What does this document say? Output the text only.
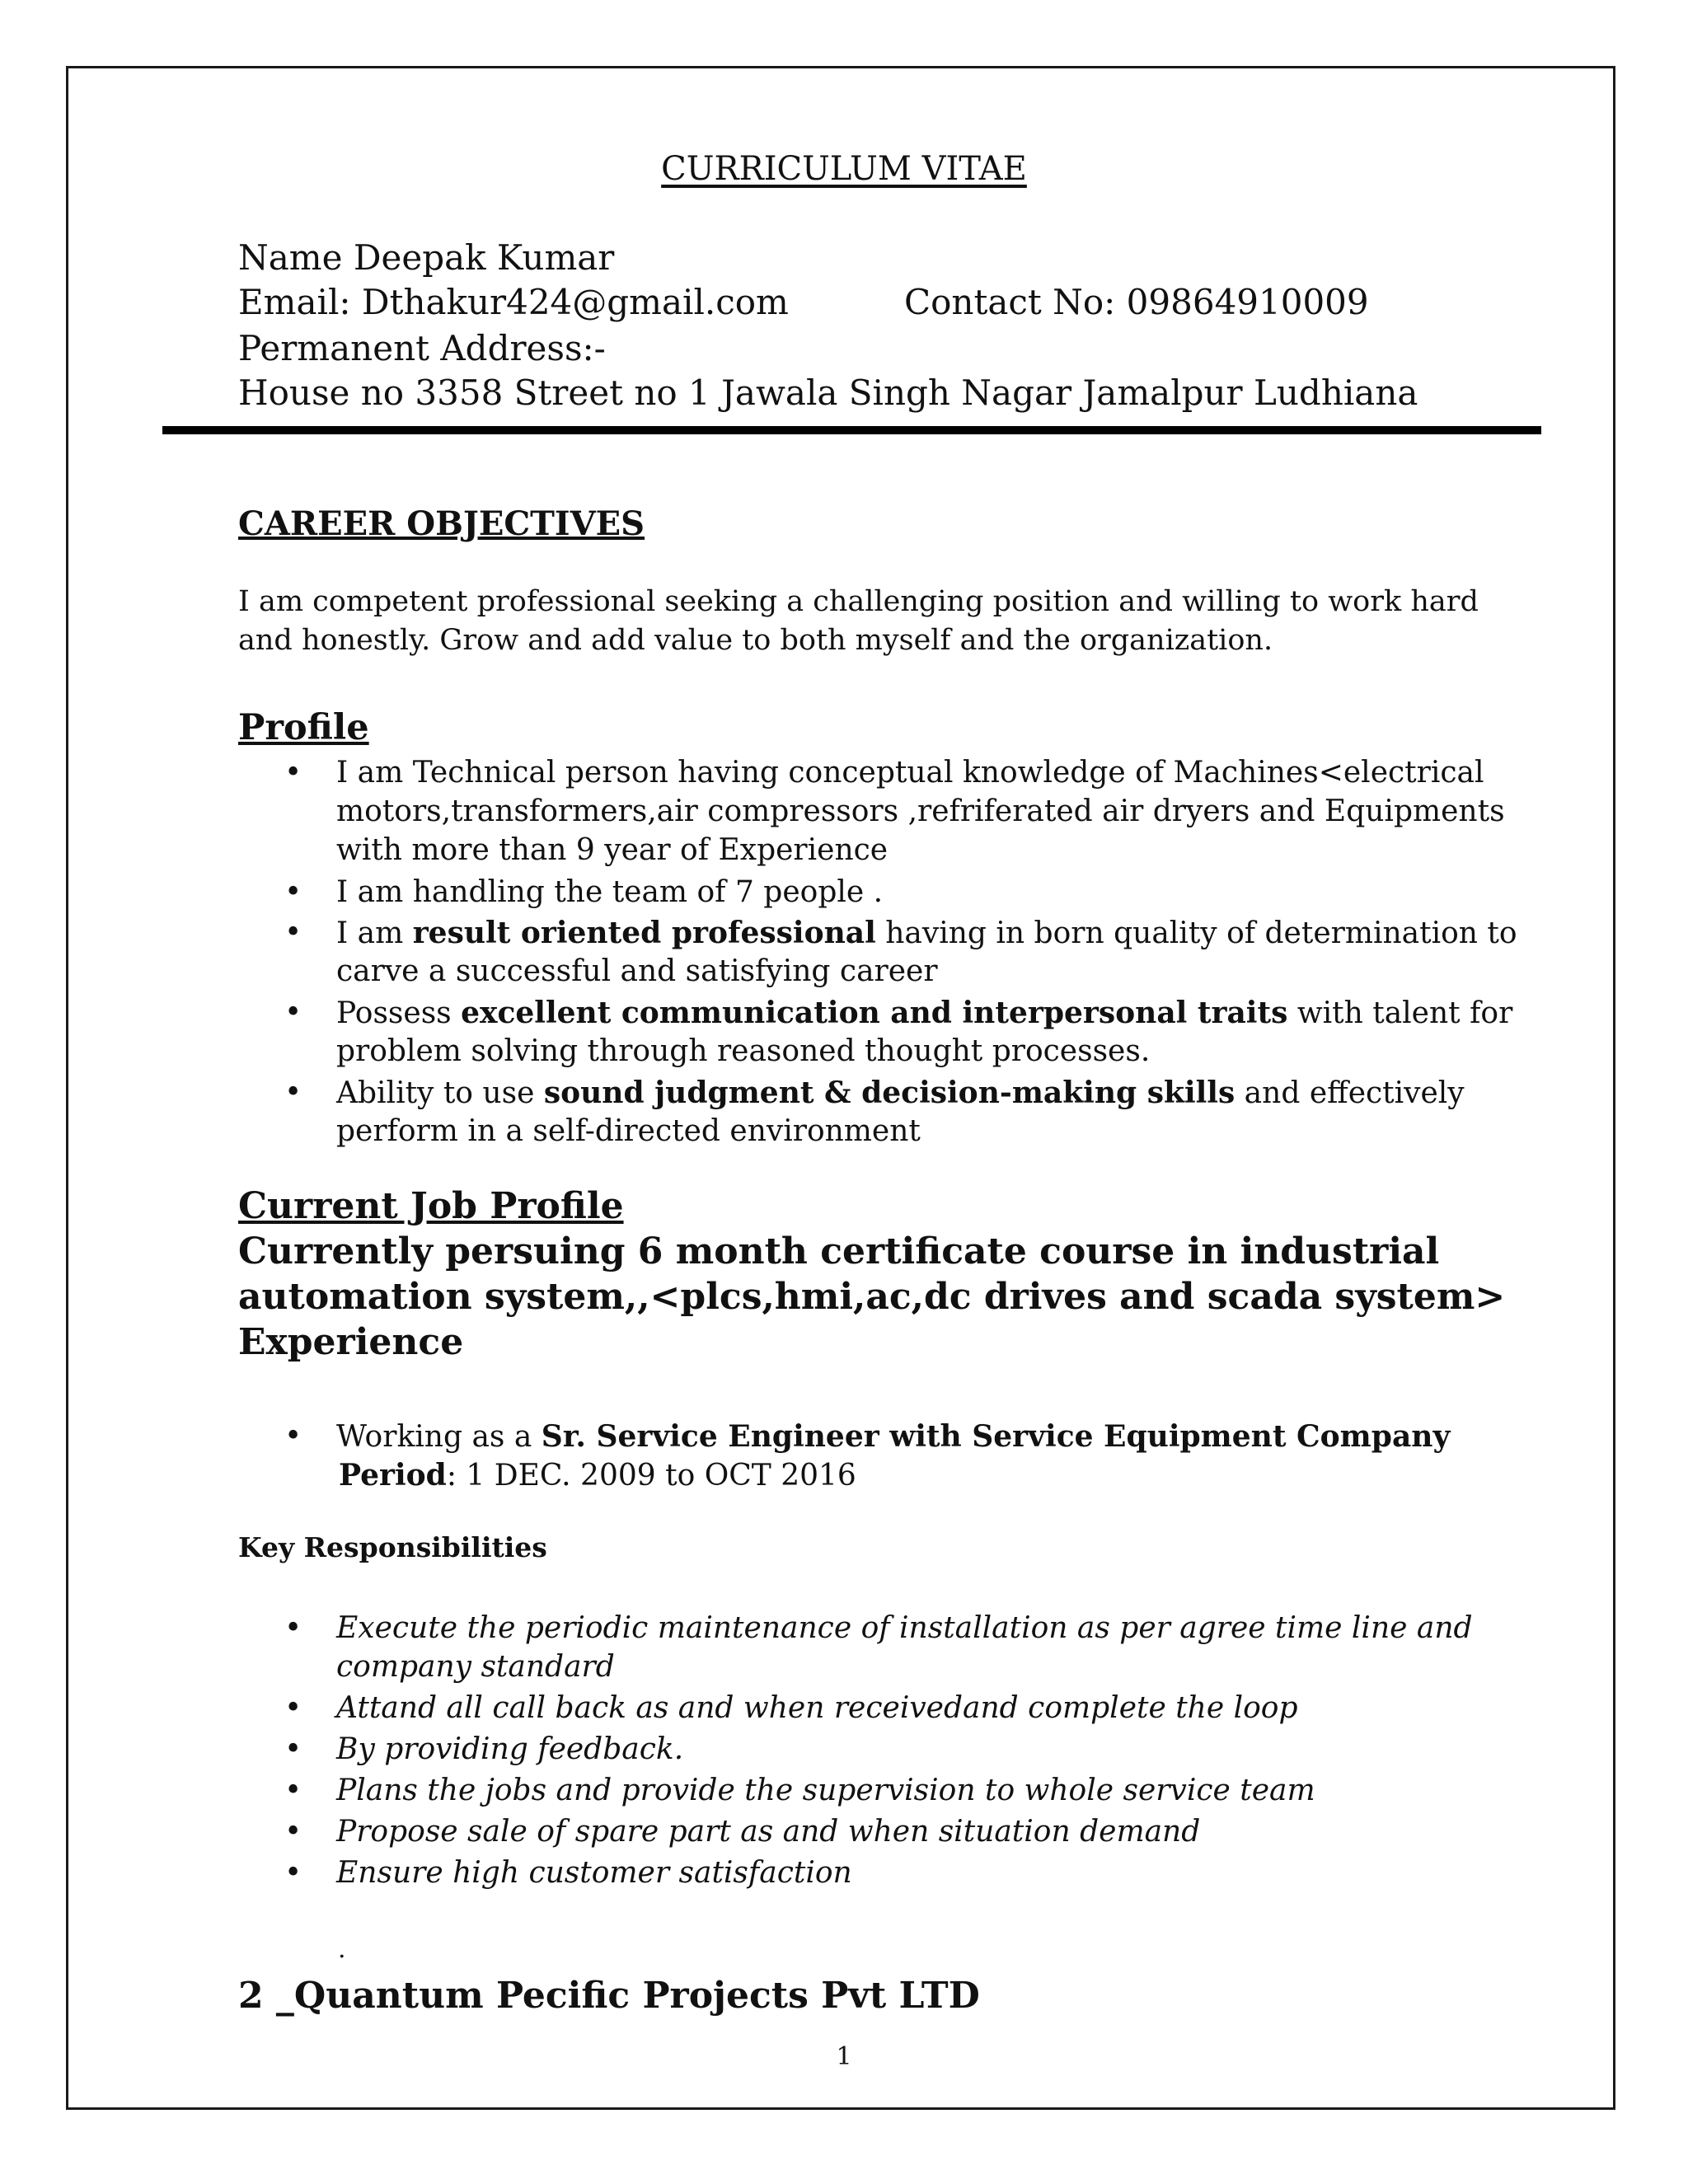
CURRICULUM VITAE
Name Deepak Kumar
Email: Dthakur424@gmail.com	Contact No: 09864910009
Permanent Address:-
House no 3358 Street no 1 Jawala Singh Nagar Jamalpur Ludhiana
CAREER OBJECTIVES
I am competent professional seeking a challenging position and willing to work hard
and honestly. Grow and add value to both myself and the organization.
Profile
• I am Technical person having conceptual knowledge of Machines<electrical
motors,transformers,air compressors ,refriferated air dryers and Equipments
with more than 9 year of Experience
• I am handling the team of 7 people .
• I am result oriented professional having in born quality of determination to
carve a successful and satisfying career
• Possess excellent communication and interpersonal traits with talent for
problem solving through reasoned thought processes.
• Ability to use sound judgment & decision-making skills and effectively
perform in a self-directed environment
Current Job Profile
Currently persuing 6 month certificate course in industrial
automation system,,<plcs,hmi,ac,dc drives and scada system>
Experience
• Working as a Sr. Service Engineer with Service Equipment Company
Period: 1 DEC. 2009 to OCT 2016
Key Responsibilities
• Execute the periodic maintenance of installation as per agree time line and
company standard
• Attand all call back as and when receivedand complete the loop
• By providing feedback.
• Plans the jobs and provide the supervision to whole service team
• Propose sale of spare part as and when situation demand
• Ensure high customer satisfaction
.
2 _Quantum Pecific Projects Pvt LTD
1
